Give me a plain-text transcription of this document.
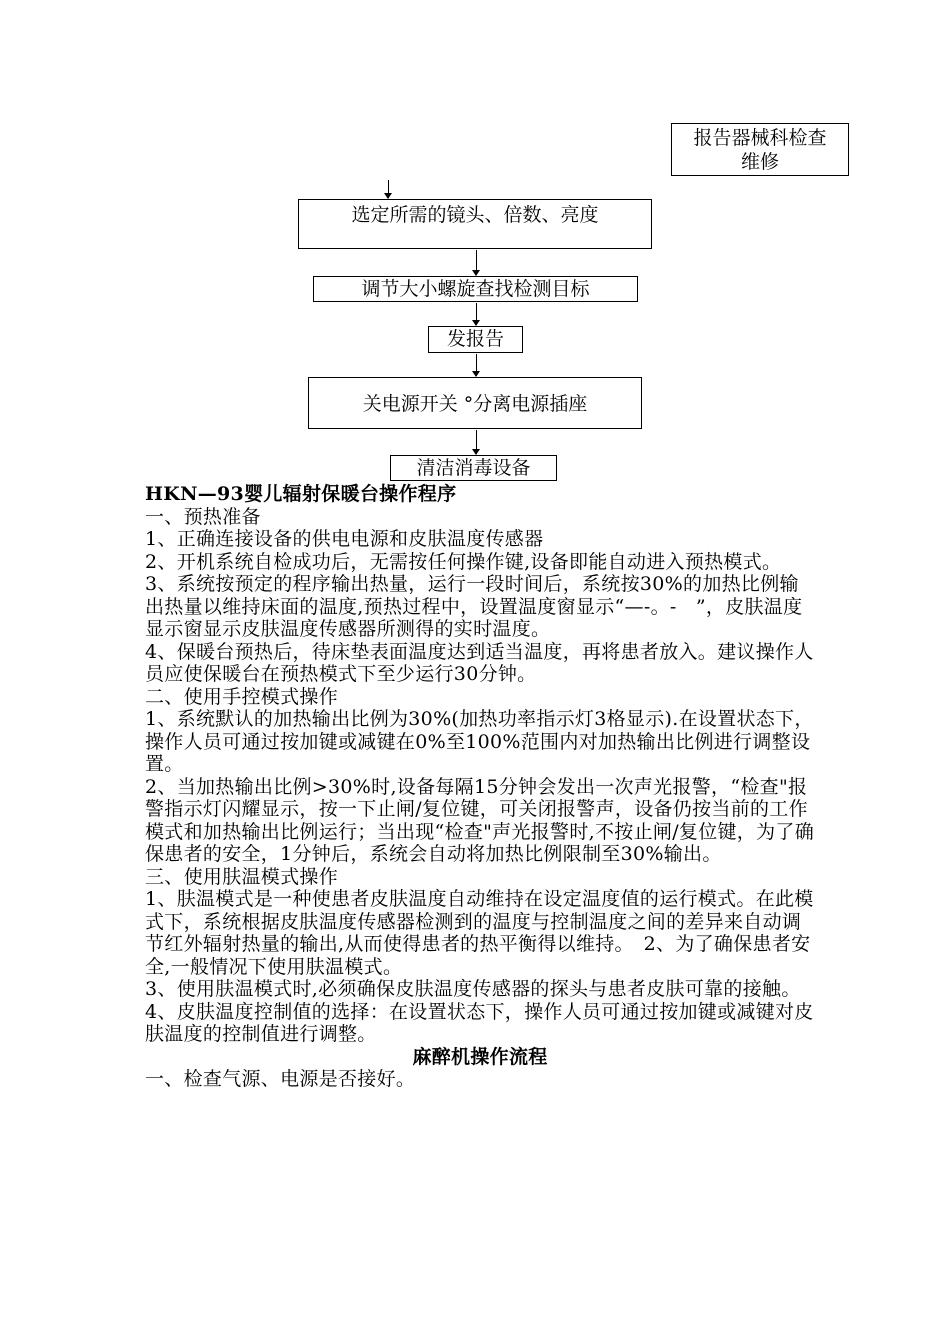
报告器械科检查维修
选定所需的镜头、倍数、亮度
调节大小螺旋查找检测目标
发报告
关电源开关 °分离电源插座
清洁消毒设备

HKN—93婴儿辐射保暖台操作程序

一、预热准备

1、正确连接设备的供电电源和皮肤温度传感器

2、开机系统自检成功后，无需按任何操作键,设备即能自动进入预热模式。　3、系统按预定的程序输出热量，运行一段时间后，系统按30%的加热比例输出热量以维持床面的温度,预热过程中，设置温度窗显示“—-。-　”，皮肤温度显示窗显示皮肤温度传感器所测得的实时温度。

4、保暖台预热后，待床垫表面温度达到适当温度，再将患者放入。建议操作人员应使保暖台在预热模式下至少运行30分钟。

二、使用手控模式操作

1、系统默认的加热输出比例为30%(加热功率指示灯3格显示).在设置状态下，操作人员可通过按加键或减键在0%至100%范围内对加热输出比例进行调整设置。

2、当加热输出比例>30%时,设备每隔15分钟会发出一次声光报警，“检查"报警指示灯闪耀显示，按一下止闸/复位键，可关闭报警声，设备仍按当前的工作模式和加热输出比例运行；当出现“检查"声光报警时,不按止闸/复位键，为了确保患者的安全，1分钟后，系统会自动将加热比例限制至30%输出。

三、使用肤温模式操作

1、肤温模式是一种使患者皮肤温度自动维持在设定温度值的运行模式。在此模式下，系统根据皮肤温度传感器检测到的温度与控制温度之间的差异来自动调节红外辐射热量的输出,从而使得患者的热平衡得以维持。　2、为了确保患者安全,一般情况下使用肤温模式。

3、使用肤温模式时,必须确保皮肤温度传感器的探头与患者皮肤可靠的接触。　4、皮肤温度控制值的选择：在设置状态下，操作人员可通过按加键或减键对皮肤温度的控制值进行调整。

麻醉机操作流程

一、检查气源、电源是否接好。
